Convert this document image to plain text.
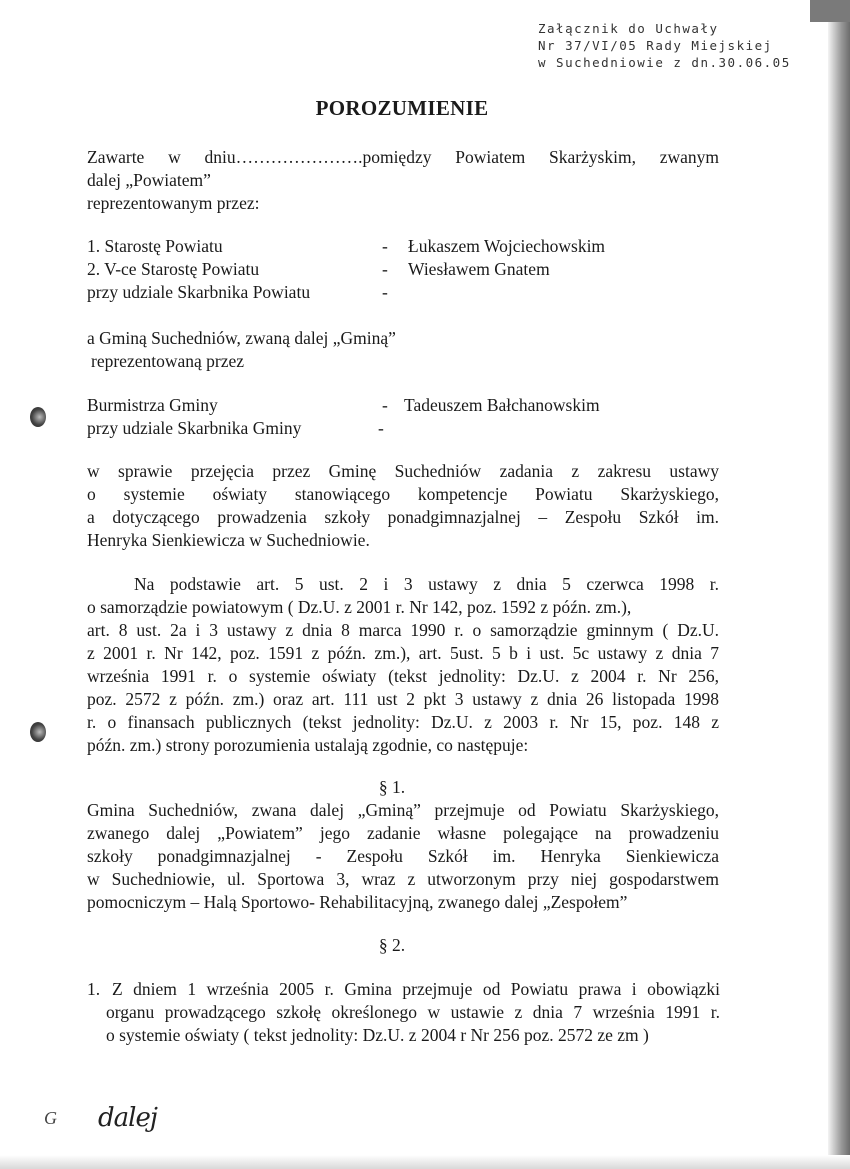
Załącznik do Uchwały
Nr 37/VI/05 Rady Miejskiej
w Suchedniowie z dn.30.06.05
POROZUMIENIE
Zawarte w dniu………………….pomiędzy Powiatem Skarżyskim, zwanym
dalej „Powiatem”
reprezentowanym przez:
1. Starostę Powiatu	- Łukaszem Wojciechowskim
2. V-ce Starostę Powiatu	- Wiesławem Gnatem
przy udziale Skarbnika Powiatu	-
a Gminą Suchedniów, zwaną dalej „Gminą”
reprezentowaną przez
Burmistrza Gminy	- Tadeuszem Bałchanowskim
przy udziale Skarbnika Gminy	-
w sprawie przejęcia przez Gminę Suchedniów zadania z zakresu ustawy
o systemie oświaty stanowiącego kompetencje Powiatu Skarżyskiego,
a dotyczącego prowadzenia szkoły ponadgimnazjalnej – Zespołu Szkół im.
Henryka Sienkiewicza w Suchedniowie.
Na podstawie art. 5 ust. 2 i 3 ustawy z dnia 5 czerwca 1998 r.
o samorządzie powiatowym ( Dz.U. z 2001 r. Nr 142, poz. 1592 z późn. zm.),
art. 8 ust. 2a i 3 ustawy z dnia 8 marca 1990 r. o samorządzie gminnym ( Dz.U.
z 2001 r. Nr 142, poz. 1591 z późn. zm.), art. 5ust. 5 b i ust. 5c ustawy z dnia 7
września 1991 r. o systemie oświaty (tekst jednolity: Dz.U. z 2004 r. Nr 256,
poz. 2572 z późn. zm.) oraz art. 111 ust 2 pkt 3 ustawy z dnia 26 listopada 1998
r. o finansach publicznych (tekst jednolity: Dz.U. z 2003 r. Nr 15, poz. 148 z
późn. zm.) strony porozumienia ustalają zgodnie, co następuje:
§ 1.
Gmina Suchedniów, zwana dalej „Gminą” przejmuje od Powiatu Skarżyskiego,
zwanego dalej „Powiatem” jego zadanie własne polegające na prowadzeniu
szkoły ponadgimnazjalnej - Zespołu Szkół im. Henryka Sienkiewicza
w Suchedniowie, ul. Sportowa 3, wraz z utworzonym przy niej gospodarstwem
pomocniczym – Halą Sportowo- Rehabilitacyjną, zwanego dalej „Zespołem”
§ 2.
1. Z dniem 1 września 2005 r. Gmina przejmuje od Powiatu prawa i obowiązki
organu prowadzącego szkołę określonego w ustawie z dnia 7 września 1991 r.
o systemie oświaty ( tekst jednolity: Dz.U. z 2004 r Nr 256 poz. 2572 ze zm )
G dalej
